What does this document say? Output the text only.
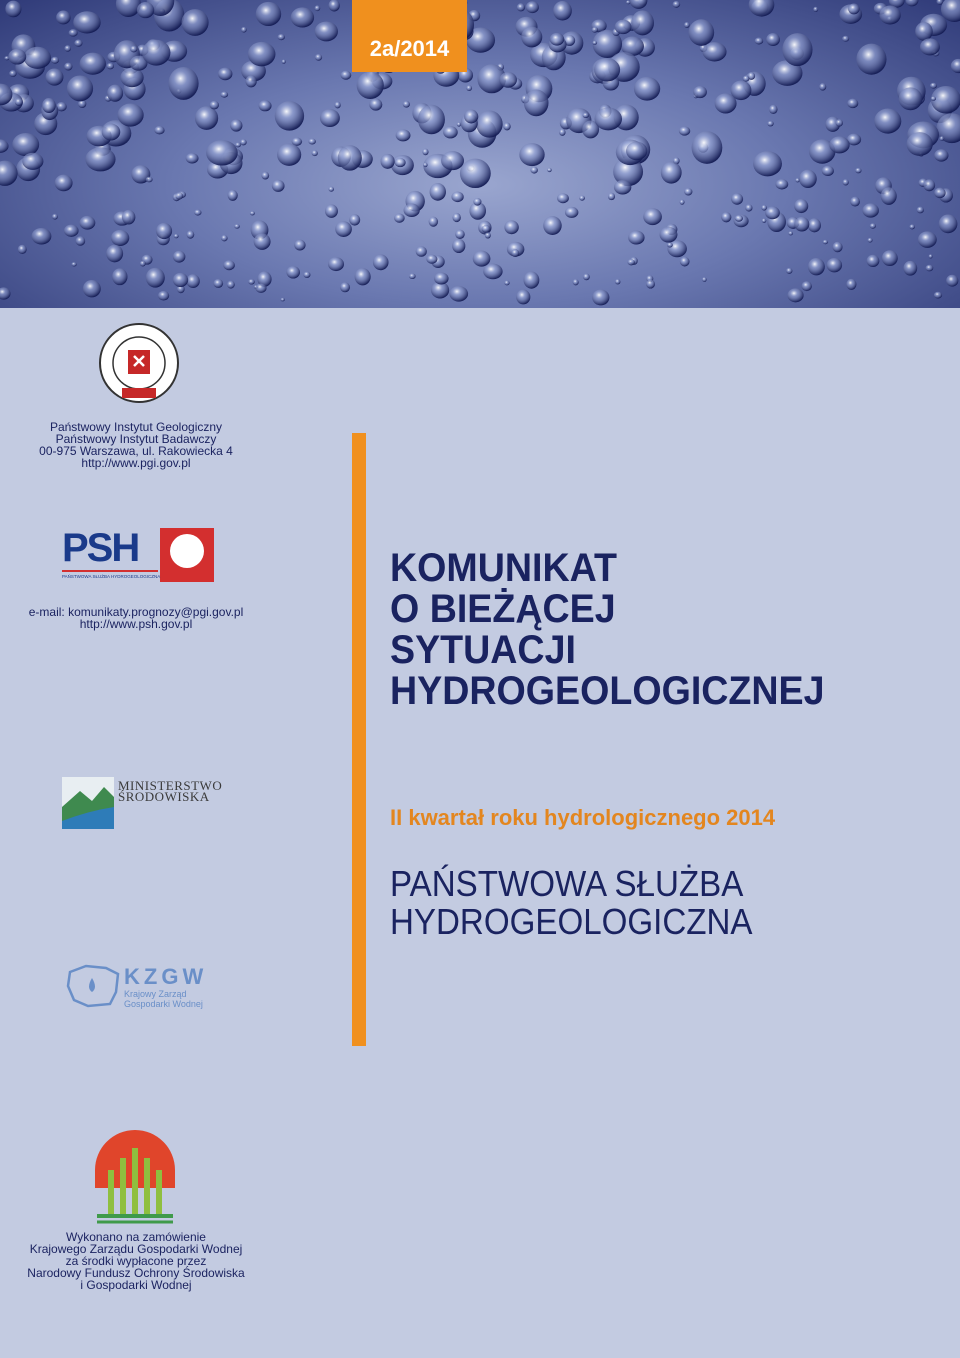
2a/2014
Państwowy Instytut Geologiczny
Państwowy Instytut Badawczy
00-975 Warszawa, ul. Rakowiecka 4
http://www.pgi.gov.pl
PSH
PAŃSTWOWA SŁUŻBA HYDROGEOLOGICZNA
e-mail: komunikaty.prognozy@pgi.gov.pl
http://www.psh.gov.pl
MINISTERSTWO
ŚRODOWISKA
KZGW
Krajowy Zarząd
Gospodarki Wodnej
Wykonano na zamówienie
Krajowego Zarządu Gospodarki Wodnej
za środki wypłacone przez
Narodowy Fundusz Ochrony Środowiska
i Gospodarki Wodnej
KOMUNIKAT
O BIEŻĄCEJ
SYTUACJI
HYDROGEOLOGICZNEJ
II kwartał roku hydrologicznego 2014
PAŃSTWOWA SŁUŻBA
HYDROGEOLOGICZNA
